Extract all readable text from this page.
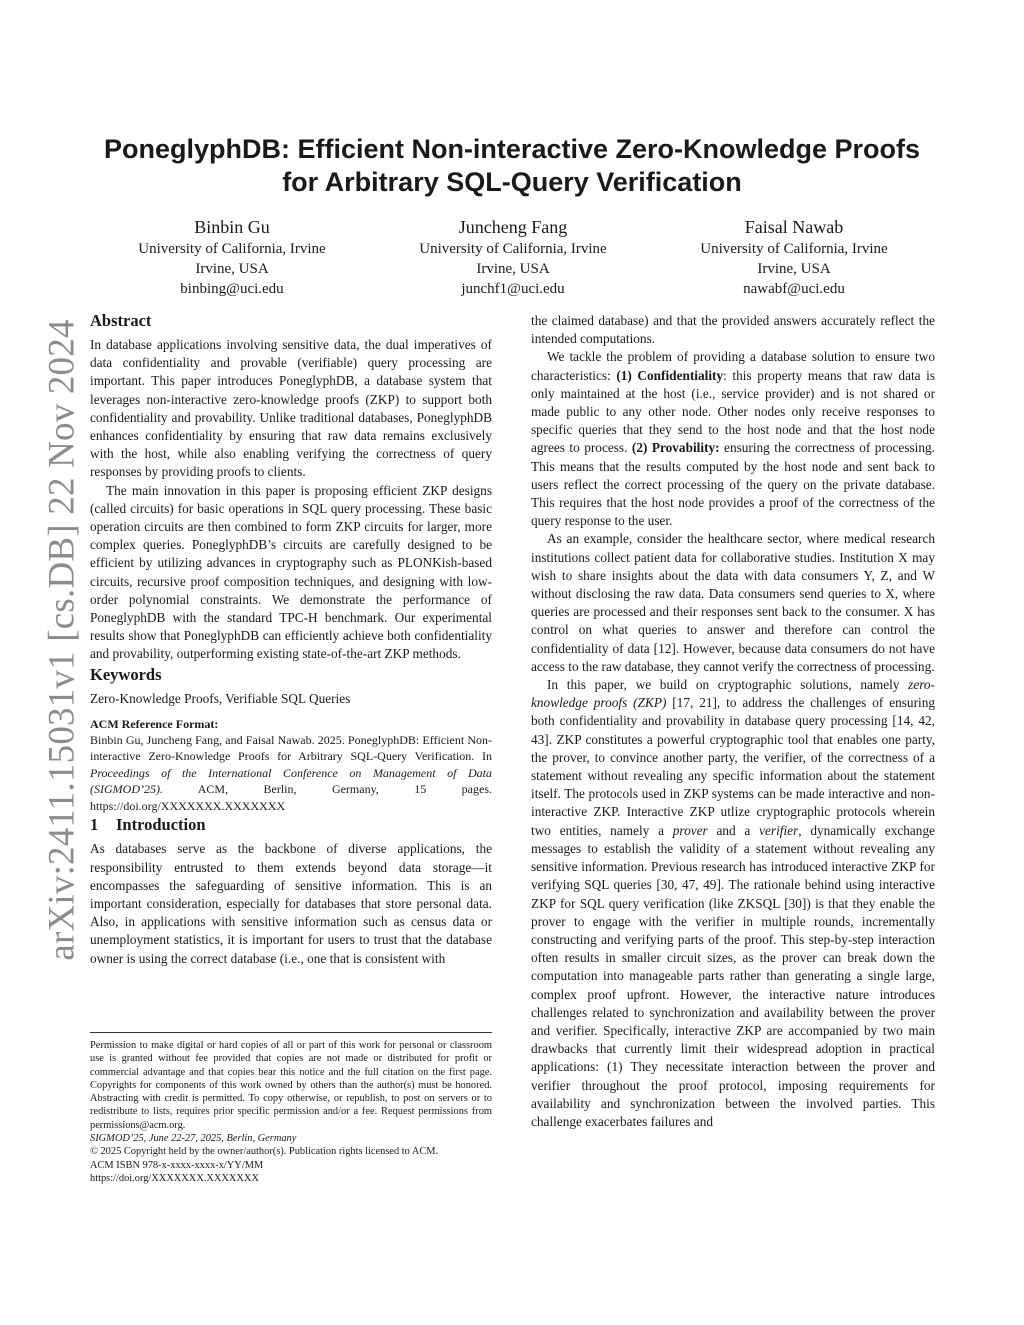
arXiv:2411.15031v1 [cs.DB] 22 Nov 2024
PoneglyphDB: Efficient Non-interactive Zero-Knowledge Proofs
for Arbitrary SQL-Query Verification
Binbin Gu
University of California, Irvine
Irvine, USA
binbing@uci.edu
Juncheng Fang
University of California, Irvine
Irvine, USA
junchf1@uci.edu
Faisal Nawab
University of California, Irvine
Irvine, USA
nawabf@uci.edu
Abstract

In database applications involving sensitive data, the dual imperatives of data confidentiality and provable (verifiable) query processing are important. This paper introduces PoneglyphDB, a database system that leverages non-interactive zero-knowledge proofs (ZKP) to support both confidentiality and provability. Unlike traditional databases, PoneglyphDB enhances confidentiality by ensuring that raw data remains exclusively with the host, while also enabling verifying the correctness of query responses by providing proofs to clients.

The main innovation in this paper is proposing efficient ZKP designs (called circuits) for basic operations in SQL query processing. These basic operation circuits are then combined to form ZKP circuits for larger, more complex queries. PoneglyphDB’s circuits are carefully designed to be efficient by utilizing advances in cryptography such as PLONKish-based circuits, recursive proof composition techniques, and designing with low-order polynomial constraints. We demonstrate the performance of PoneglyphDB with the standard TPC-H benchmark. Our experimental results show that PoneglyphDB can efficiently achieve both confidentiality and provability, outperforming existing state-of-the-art ZKP methods.

Keywords

Zero-Knowledge Proofs, Verifiable SQL Queries

ACM Reference Format:
Binbin Gu, Juncheng Fang, and Faisal Nawab. 2025. PoneglyphDB: Efficient Non-interactive Zero-Knowledge Proofs for Arbitrary SQL-Query Verification. In Proceedings of the International Conference on Management of Data (SIGMOD’25). ACM, Berlin, Germany, 15 pages. https://doi.org/XXXXXXX.XXXXXXX
1 Introduction

As databases serve as the backbone of diverse applications, the responsibility entrusted to them extends beyond data storage—it encompasses the safeguarding of sensitive information. This is an important consideration, especially for databases that store personal data. Also, in applications with sensitive information such as census data or unemployment statistics, it is important for users to trust that the database owner is using the correct database (i.e., one that is consistent with

Permission to make digital or hard copies of all or part of this work for personal or classroom use is granted without fee provided that copies are not made or distributed for profit or commercial advantage and that copies bear this notice and the full citation on the first page. Copyrights for components of this work owned by others than the author(s) must be honored. Abstracting with credit is permitted. To copy otherwise, or republish, to post on servers or to redistribute to lists, requires prior specific permission and/or a fee. Request permissions from permissions@acm.org.
SIGMOD’25, June 22-27, 2025, Berlin, Germany
© 2025 Copyright held by the owner/author(s). Publication rights licensed to ACM.
ACM ISBN 978-x-xxxx-xxxx-x/YY/MM
https://doi.org/XXXXXXX.XXXXXXX

the claimed database) and that the provided answers accurately reflect the intended computations.

We tackle the problem of providing a database solution to ensure two characteristics: (1) Confidentiality: this property means that raw data is only maintained at the host (i.e., service provider) and is not shared or made public to any other node. Other nodes only receive responses to specific queries that they send to the host node and that the host node agrees to process. (2) Provability: ensuring the correctness of processing. This means that the results computed by the host node and sent back to users reflect the correct processing of the query on the private database. This requires that the host node provides a proof of the correctness of the query response to the user.

As an example, consider the healthcare sector, where medical research institutions collect patient data for collaborative studies. Institution X may wish to share insights about the data with data consumers Y, Z, and W without disclosing the raw data. Data consumers send queries to X, where queries are processed and their responses sent back to the consumer. X has control on what queries to answer and therefore can control the confidentiality of data [12]. However, because data consumers do not have access to the raw database, they cannot verify the correctness of processing.

In this paper, we build on cryptographic solutions, namely zero-knowledge proofs (ZKP) [17, 21], to address the challenges of ensuring both confidentiality and provability in database query processing [14, 42, 43]. ZKP constitutes a powerful cryptographic tool that enables one party, the prover, to convince another party, the verifier, of the correctness of a statement without revealing any specific information about the statement itself. The protocols used in ZKP systems can be made interactive and non-interactive ZKP. Interactive ZKP utlize cryptographic protocols wherein two entities, namely a prover and a verifier, dynamically exchange messages to establish the validity of a statement without revealing any sensitive information. Previous research has introduced interactive ZKP for verifying SQL queries [30, 47, 49]. The rationale behind using interactive ZKP for SQL query verification (like ZKSQL [30]) is that they enable the prover to engage with the verifier in multiple rounds, incrementally constructing and verifying parts of the proof. This step-by-step interaction often results in smaller circuit sizes, as the prover can break down the computation into manageable parts rather than generating a single large, complex proof upfront. However, the interactive nature introduces challenges related to synchronization and availability between the prover and verifier. Specifically, interactive ZKP are accompanied by two main drawbacks that currently limit their widespread adoption in practical applications: (1) They necessitate interaction between the prover and verifier throughout the proof protocol, imposing requirements for availability and synchronization between the involved parties. This challenge exacerbates failures and
